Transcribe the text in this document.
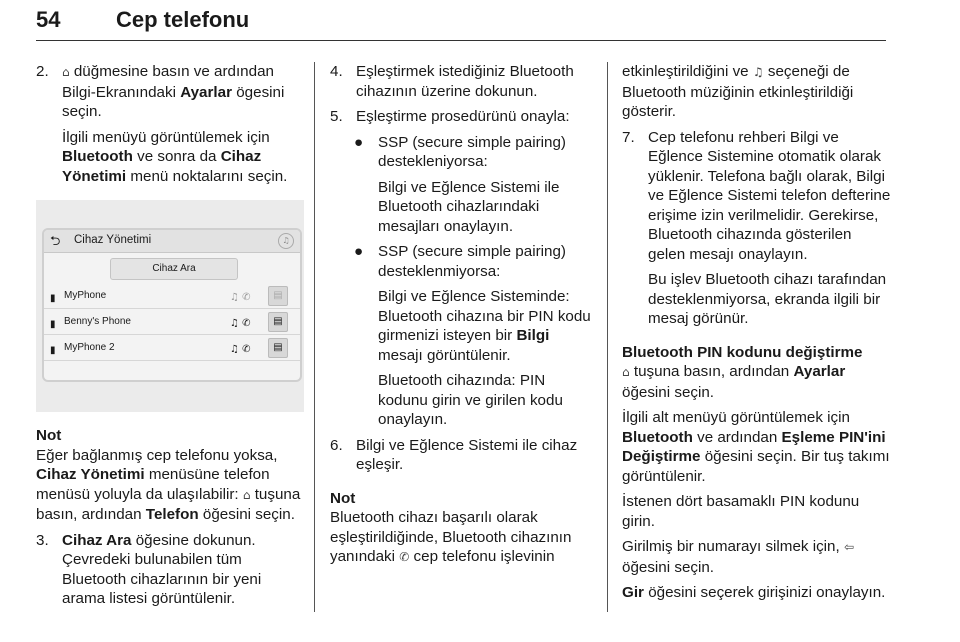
54	Cep telefonu

2. ⌂ düğmesine basın ve ardından Bilgi-Ekranındaki Ayarlar ögesini seçin.

İlgili menüyü görüntülemek için Bluetooth ve sonra da Cihaz Yönetimi menü noktalarını seçin.

⮌ Cihaz Yönetimi	♫
Cihaz Ara
▮ MyPhone	♫ ✆	▤
▮ Benny's Phone	♫ ✆	▤
▮ MyPhone 2	♫ ✆	▤

Not

Eğer bağlanmış cep telefonu yoksa, Cihaz Yönetimi menüsüne telefon menüsü yoluyla da ulaşılabilir: ⌂ tuşuna basın, ardından Telefon öğesini seçin.

3. Cihaz Ara öğesine dokunun.

Çevredeki bulunabilen tüm Bluetooth cihazlarının bir yeni arama listesi görüntülenir.

4. Eşleştirmek istediğiniz Bluetooth cihazının üzerine dokunun.

5. Eşleştirme prosedürünü onayla:

● SSP (secure simple pairing) destekleniyorsa:

Bilgi ve Eğlence Sistemi ile Bluetooth cihazlarındaki mesajları onaylayın.

● SSP (secure simple pairing) desteklenmiyorsa:

Bilgi ve Eğlence Sisteminde: Bluetooth cihazına bir PIN kodu girmenizi isteyen bir Bilgi mesajı görüntülenir.

Bluetooth cihazında: PIN kodunu girin ve girilen kodu onaylayın.

6. Bilgi ve Eğlence Sistemi ile cihaz eşleşir.

Not

Bluetooth cihazı başarılı olarak eşleştirildiğinde, Bluetooth cihazının yanındaki ✆ cep telefonu işlevinin

etkinleştirildiğini ve ♫ seçeneği de Bluetooth müziğinin etkinleştirildiği gösterir.

7. Cep telefonu rehberi Bilgi ve Eğlence Sistemine otomatik olarak yüklenir. Telefona bağlı olarak, Bilgi ve Eğlence Sistemi telefon defterine erişime izin verilmelidir. Gerekirse, Bluetooth cihazında gösterilen gelen mesajı onaylayın.

Bu işlev Bluetooth cihazı tarafından desteklenmiyorsa, ekranda ilgili bir mesaj görünür.

Bluetooth PIN kodunu değiştirme

⌂ tuşuna basın, ardından Ayarlar öğesini seçin.

İlgili alt menüyü görüntülemek için Bluetooth ve ardından Eşleme PIN'ini Değiştirme öğesini seçin. Bir tuş takımı görüntülenir.

İstenen dört basamaklı PIN kodunu girin.

Girilmiş bir numarayı silmek için, ⇦ öğesini seçin.

Gir öğesini seçerek girişinizi onaylayın.
